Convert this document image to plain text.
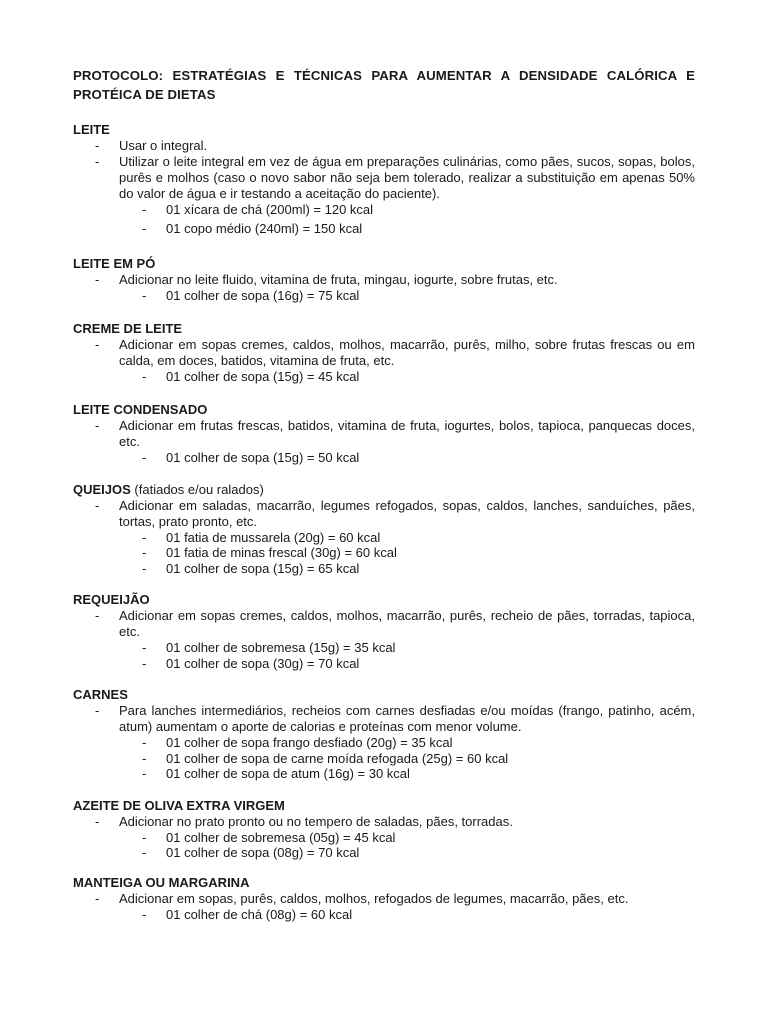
PROTOCOLO: ESTRATÉGIAS E TÉCNICAS PARA AUMENTAR A DENSIDADE CALÓRICA E PROTÉICA DE DIETAS
LEITE
- Usar o integral.
- Utilizar o leite integral em vez de água em preparações culinárias, como pães, sucos, sopas, bolos, purês e molhos (caso o novo sabor não seja bem tolerado, realizar a substituição em apenas 50% do valor de água e ir testando a aceitação do paciente).
- 01 xícara de chá (200ml) = 120 kcal
- 01 copo médio (240ml) = 150 kcal
LEITE EM PÓ
- Adicionar no leite fluido, vitamina de fruta, mingau, iogurte, sobre frutas, etc.
- 01 colher de sopa (16g) = 75 kcal
CREME DE LEITE
- Adicionar em sopas cremes, caldos, molhos, macarrão, purês, milho, sobre frutas frescas ou em calda, em doces, batidos, vitamina de fruta, etc.
- 01 colher de sopa (15g) = 45 kcal
LEITE CONDENSADO
- Adicionar em frutas frescas, batidos, vitamina de fruta, iogurtes, bolos, tapioca, panquecas doces, etc.
- 01 colher de sopa (15g) = 50 kcal
QUEIJOS (fatiados e/ou ralados)
- Adicionar em saladas, macarrão, legumes refogados, sopas, caldos, lanches, sanduíches, pães, tortas, prato pronto, etc.
- 01 fatia de mussarela (20g) = 60 kcal
- 01 fatia de minas frescal (30g) = 60 kcal
- 01 colher de sopa (15g) = 65 kcal
REQUEIJÃO
- Adicionar em sopas cremes, caldos, molhos, macarrão, purês, recheio de pães, torradas, tapioca, etc.
- 01 colher de sobremesa (15g) = 35 kcal
- 01 colher de sopa (30g) = 70 kcal
CARNES
- Para lanches intermediários, recheios com carnes desfiadas e/ou moídas (frango, patinho, acém, atum) aumentam o aporte de calorias e proteínas com menor volume.
- 01 colher de sopa frango desfiado (20g) = 35 kcal
- 01 colher de sopa de carne moída refogada (25g) = 60 kcal
- 01 colher de sopa de atum (16g) = 30 kcal
AZEITE DE OLIVA EXTRA VIRGEM
- Adicionar no prato pronto ou no tempero de saladas, pães, torradas.
- 01 colher de sobremesa (05g) = 45 kcal
- 01 colher de sopa (08g) = 70 kcal
MANTEIGA OU MARGARINA
- Adicionar em sopas, purês, caldos, molhos, refogados de legumes, macarrão, pães, etc.
- 01 colher de chá (08g) = 60 kcal
